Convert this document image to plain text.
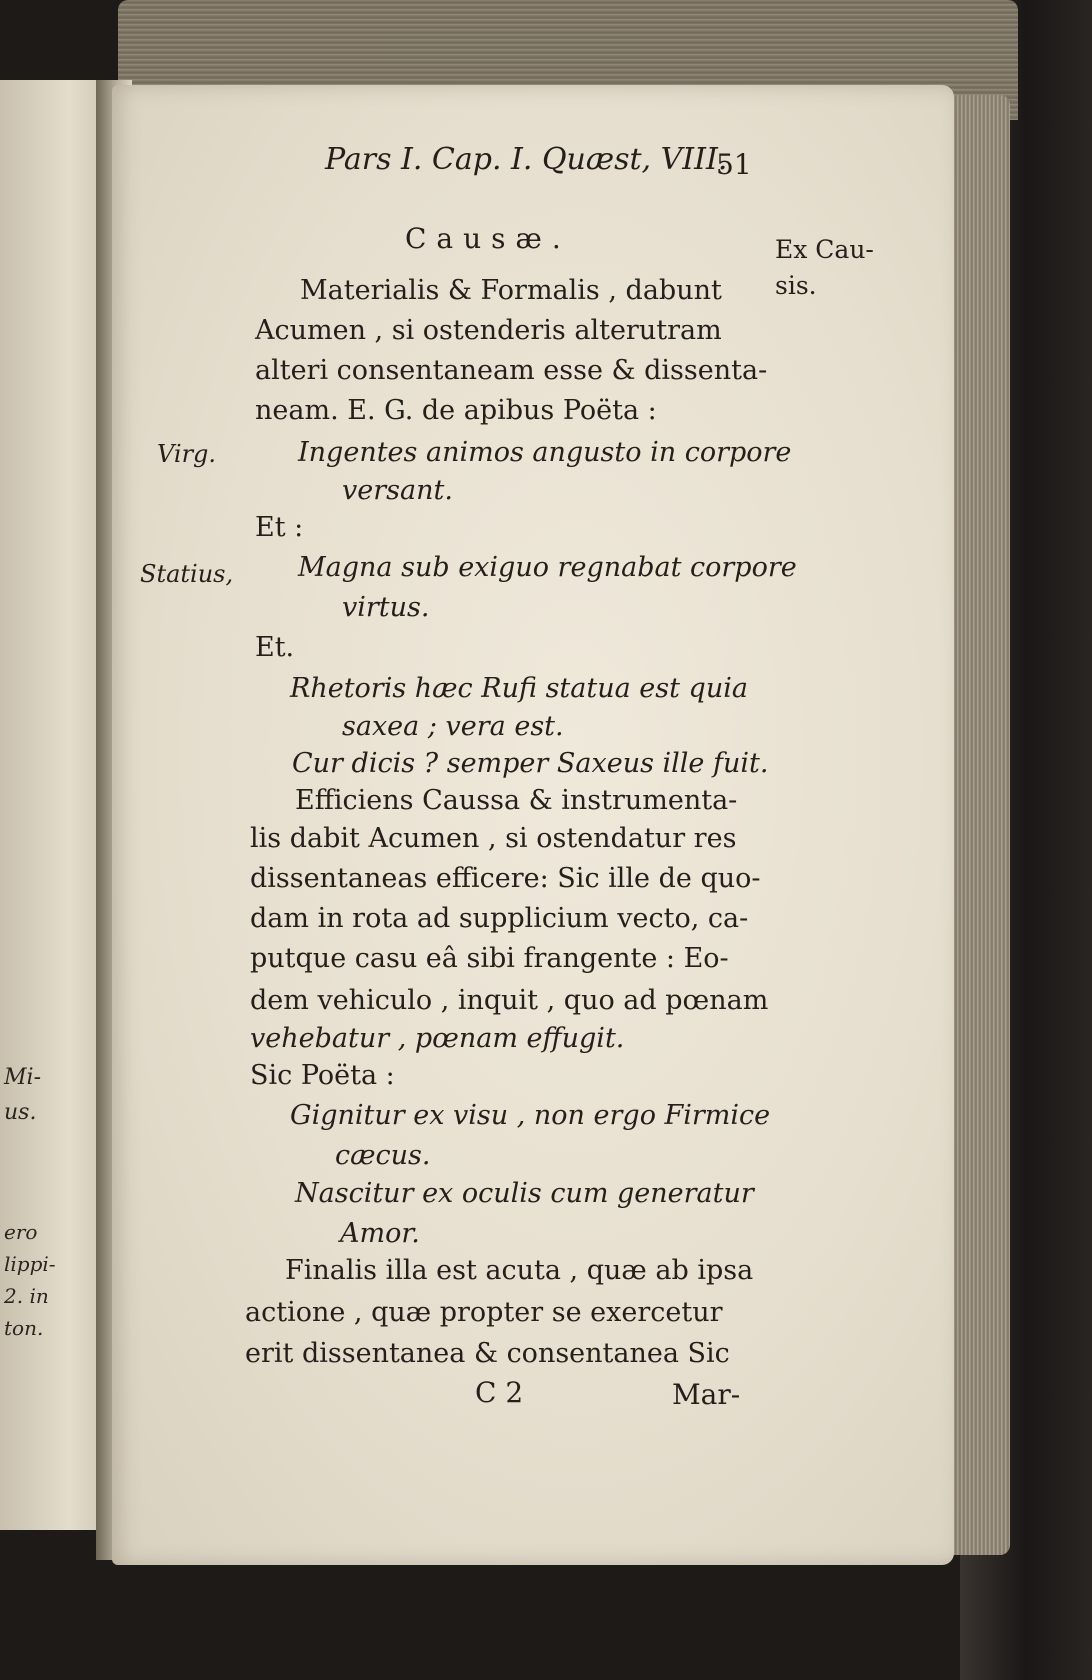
Mi-
us.
ero
lippi-
2. in
ton.
Pars I. Cap. I. Quæst, VIII.
51
Causæ.	Ex Cau-
sis.
Virg.
Statius,
Materialis & Formalis , dabunt
Acumen , si ostenderis alterutram
alteri consentaneam esse & dissenta-
neam. E. G. de apibus Poëta :
Ingentes animos angusto in corpore
versant.
Et :
Magna sub exiguo regnabat corpore
virtus.
Et.
Rhetoris hæc Rufi statua est quia
saxea ; vera est.
Cur dicis ? semper Saxeus ille fuit.
Efficiens Caussa & instrumenta-
lis dabit Acumen , si ostendatur res
dissentaneas efficere: Sic ille de quo-
dam in rota ad supplicium vecto, ca-
putque casu eâ sibi frangente : Eo-
dem vehiculo , inquit , quo ad pœnam
vehebatur , pœnam effugit.
Sic Poëta :
Gignitur ex visu , non ergo Firmice
cæcus.
Nascitur ex oculis cum generatur
Amor.
Finalis illa est acuta , quæ ab ipsa
actione , quæ propter se exercetur
erit dissentanea & consentanea Sic
C 2	Mar-
